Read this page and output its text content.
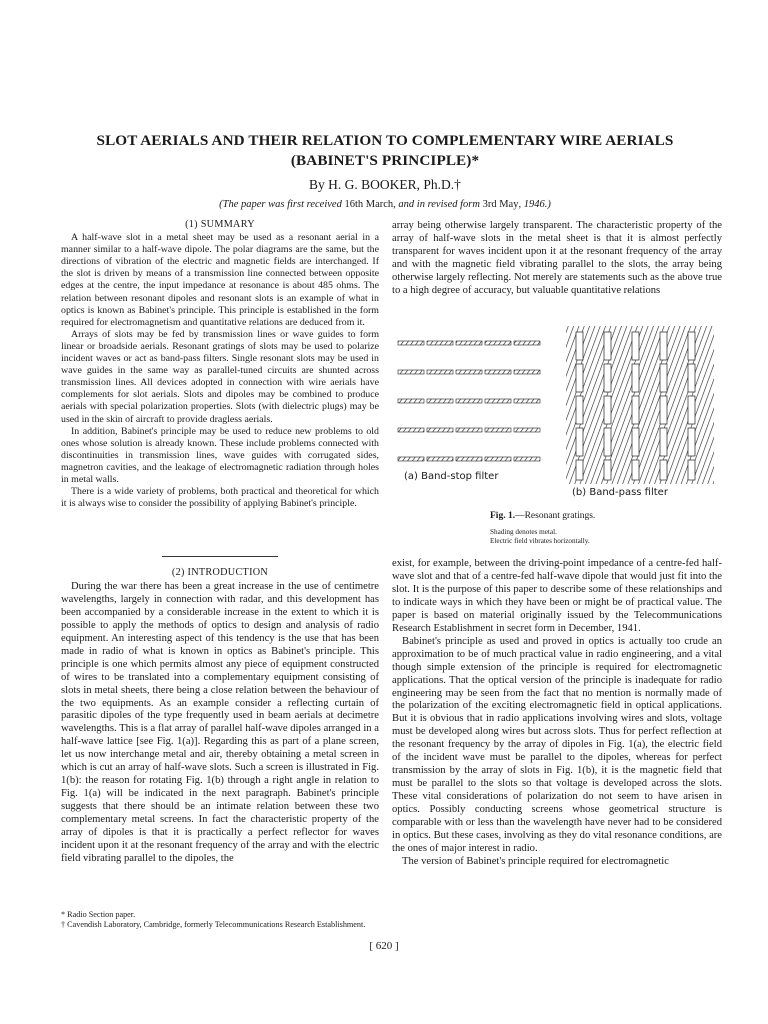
SLOT AERIALS AND THEIR RELATION TO COMPLEMENTARY WIRE AERIALS
(BABINET'S PRINCIPLE)*
By H. G. BOOKER, Ph.D.†
(The paper was first received 16th March, and in revised form 3rd May, 1946.)

(1) SUMMARY

A half-wave slot in a metal sheet may be used as a resonant aerial in a manner similar to a half-wave dipole. The polar diagrams are the same, but the directions of vibration of the electric and magnetic fields are interchanged. If the slot is driven by means of a transmission line connected between opposite edges at the centre, the input impedance at resonance is about 485 ohms. The relation between resonant dipoles and resonant slots is an example of what in optics is known as Babinet's principle. This principle is established in the form required for electromagnetism and quantitative relations are deduced from it.

Arrays of slots may be fed by transmission lines or wave guides to form linear or broadside aerials. Resonant gratings of slots may be used to polarize incident waves or act as band-pass filters. Single resonant slots may be used in wave guides in the same way as parallel-tuned circuits are shunted across transmission lines. All devices adopted in connection with wire aerials have complements for slot aerials. Slots and dipoles may be combined to produce aerials with special polarization properties. Slots (with dielectric plugs) may be used in the skin of aircraft to provide dragless aerials.

In addition, Babinet's principle may be used to reduce new problems to old ones whose solution is already known. These include problems connected with discontinuities in transmission lines, wave guides with corrugated sides, magnetron cavities, and the leakage of electromagnetic radiation through holes in metal walls.

There is a wide variety of problems, both practical and theoretical for which it is always wise to consider the possibility of applying Babinet's principle.

array being otherwise largely transparent. The characteristic property of the array of half-wave slots in the metal sheet is that it is almost perfectly transparent for waves incident upon it at the resonant frequency of the array and with the magnetic field vibrating parallel to the slots, the array being otherwise largely reflecting. Not merely are statements such as the above true to a high degree of accuracy, but valuable quantitative relations

(a) Band-stop filter
(b) Band-pass filter
Fig. 1.—Resonant gratings.
Shading denotes metal.
Electric field vibrates horizontally.

(2) INTRODUCTION

During the war there has been a great increase in the use of centimetre wavelengths, largely in connection with radar, and this development has been accompanied by a considerable increase in the extent to which it is possible to apply the methods of optics to design and analysis of radio equipment. An interesting aspect of this tendency is the use that has been made in radio of what is known in optics as Babinet's principle. This principle is one which permits almost any piece of equipment constructed of wires to be translated into a complementary equipment consisting of slots in metal sheets, there being a close relation between the behaviour of the two equipments. As an example consider a reflecting curtain of parasitic dipoles of the type frequently used in beam aerials at decimetre wavelengths. This is a flat array of parallel half-wave dipoles arranged in a half-wave lattice [see Fig. 1(a)]. Regarding this as part of a plane screen, let us now interchange metal and air, thereby obtaining a metal screen in which is cut an array of half-wave slots. Such a screen is illustrated in Fig. 1(b): the reason for rotating Fig. 1(b) through a right angle in relation to Fig. 1(a) will be indicated in the next paragraph. Babinet's principle suggests that there should be an intimate relation between these two complementary metal screens. In fact the characteristic property of the array of dipoles is that it is practically a perfect reflector for waves incident upon it at the resonant frequency of the array and with the electric field vibrating parallel to the dipoles, the

exist, for example, between the driving-point impedance of a centre-fed half-wave slot and that of a centre-fed half-wave dipole that would just fit into the slot. It is the purpose of this paper to describe some of these relationships and to indicate ways in which they have been or might be of practical value. The paper is based on material originally issued by the Telecommunications Research Establishment in secret form in December, 1941.

Babinet's principle as used and proved in optics is actually too crude an approximation to be of much practical value in radio engineering, and a vital though simple extension of the principle is required for electromagnetic applications. That the optical version of the principle is inadequate for radio engineering may be seen from the fact that no mention is normally made of the polarization of the exciting electromagnetic field in optical applications. But it is obvious that in radio applications involving wires and slots, voltage must be developed along wires but across slots. Thus for perfect reflection at the resonant frequency by the array of dipoles in Fig. 1(a), the electric field of the incident wave must be parallel to the dipoles, whereas for perfect transmission by the array of slots in Fig. 1(b), it is the magnetic field that must be parallel to the slots so that voltage is developed across the slots. These vital considerations of polarization do not seem to have arisen in optics. Possibly conducting screens whose geometrical structure is comparable with or less than the wavelength have never had to be considered in optics. But these cases, involving as they do vital resonance conditions, are the ones of major interest in radio.

The version of Babinet's principle required for electromagnetic

* Radio Section paper.
† Cavendish Laboratory, Cambridge, formerly Telecommunications Research Establishment.
[ 620 ]
